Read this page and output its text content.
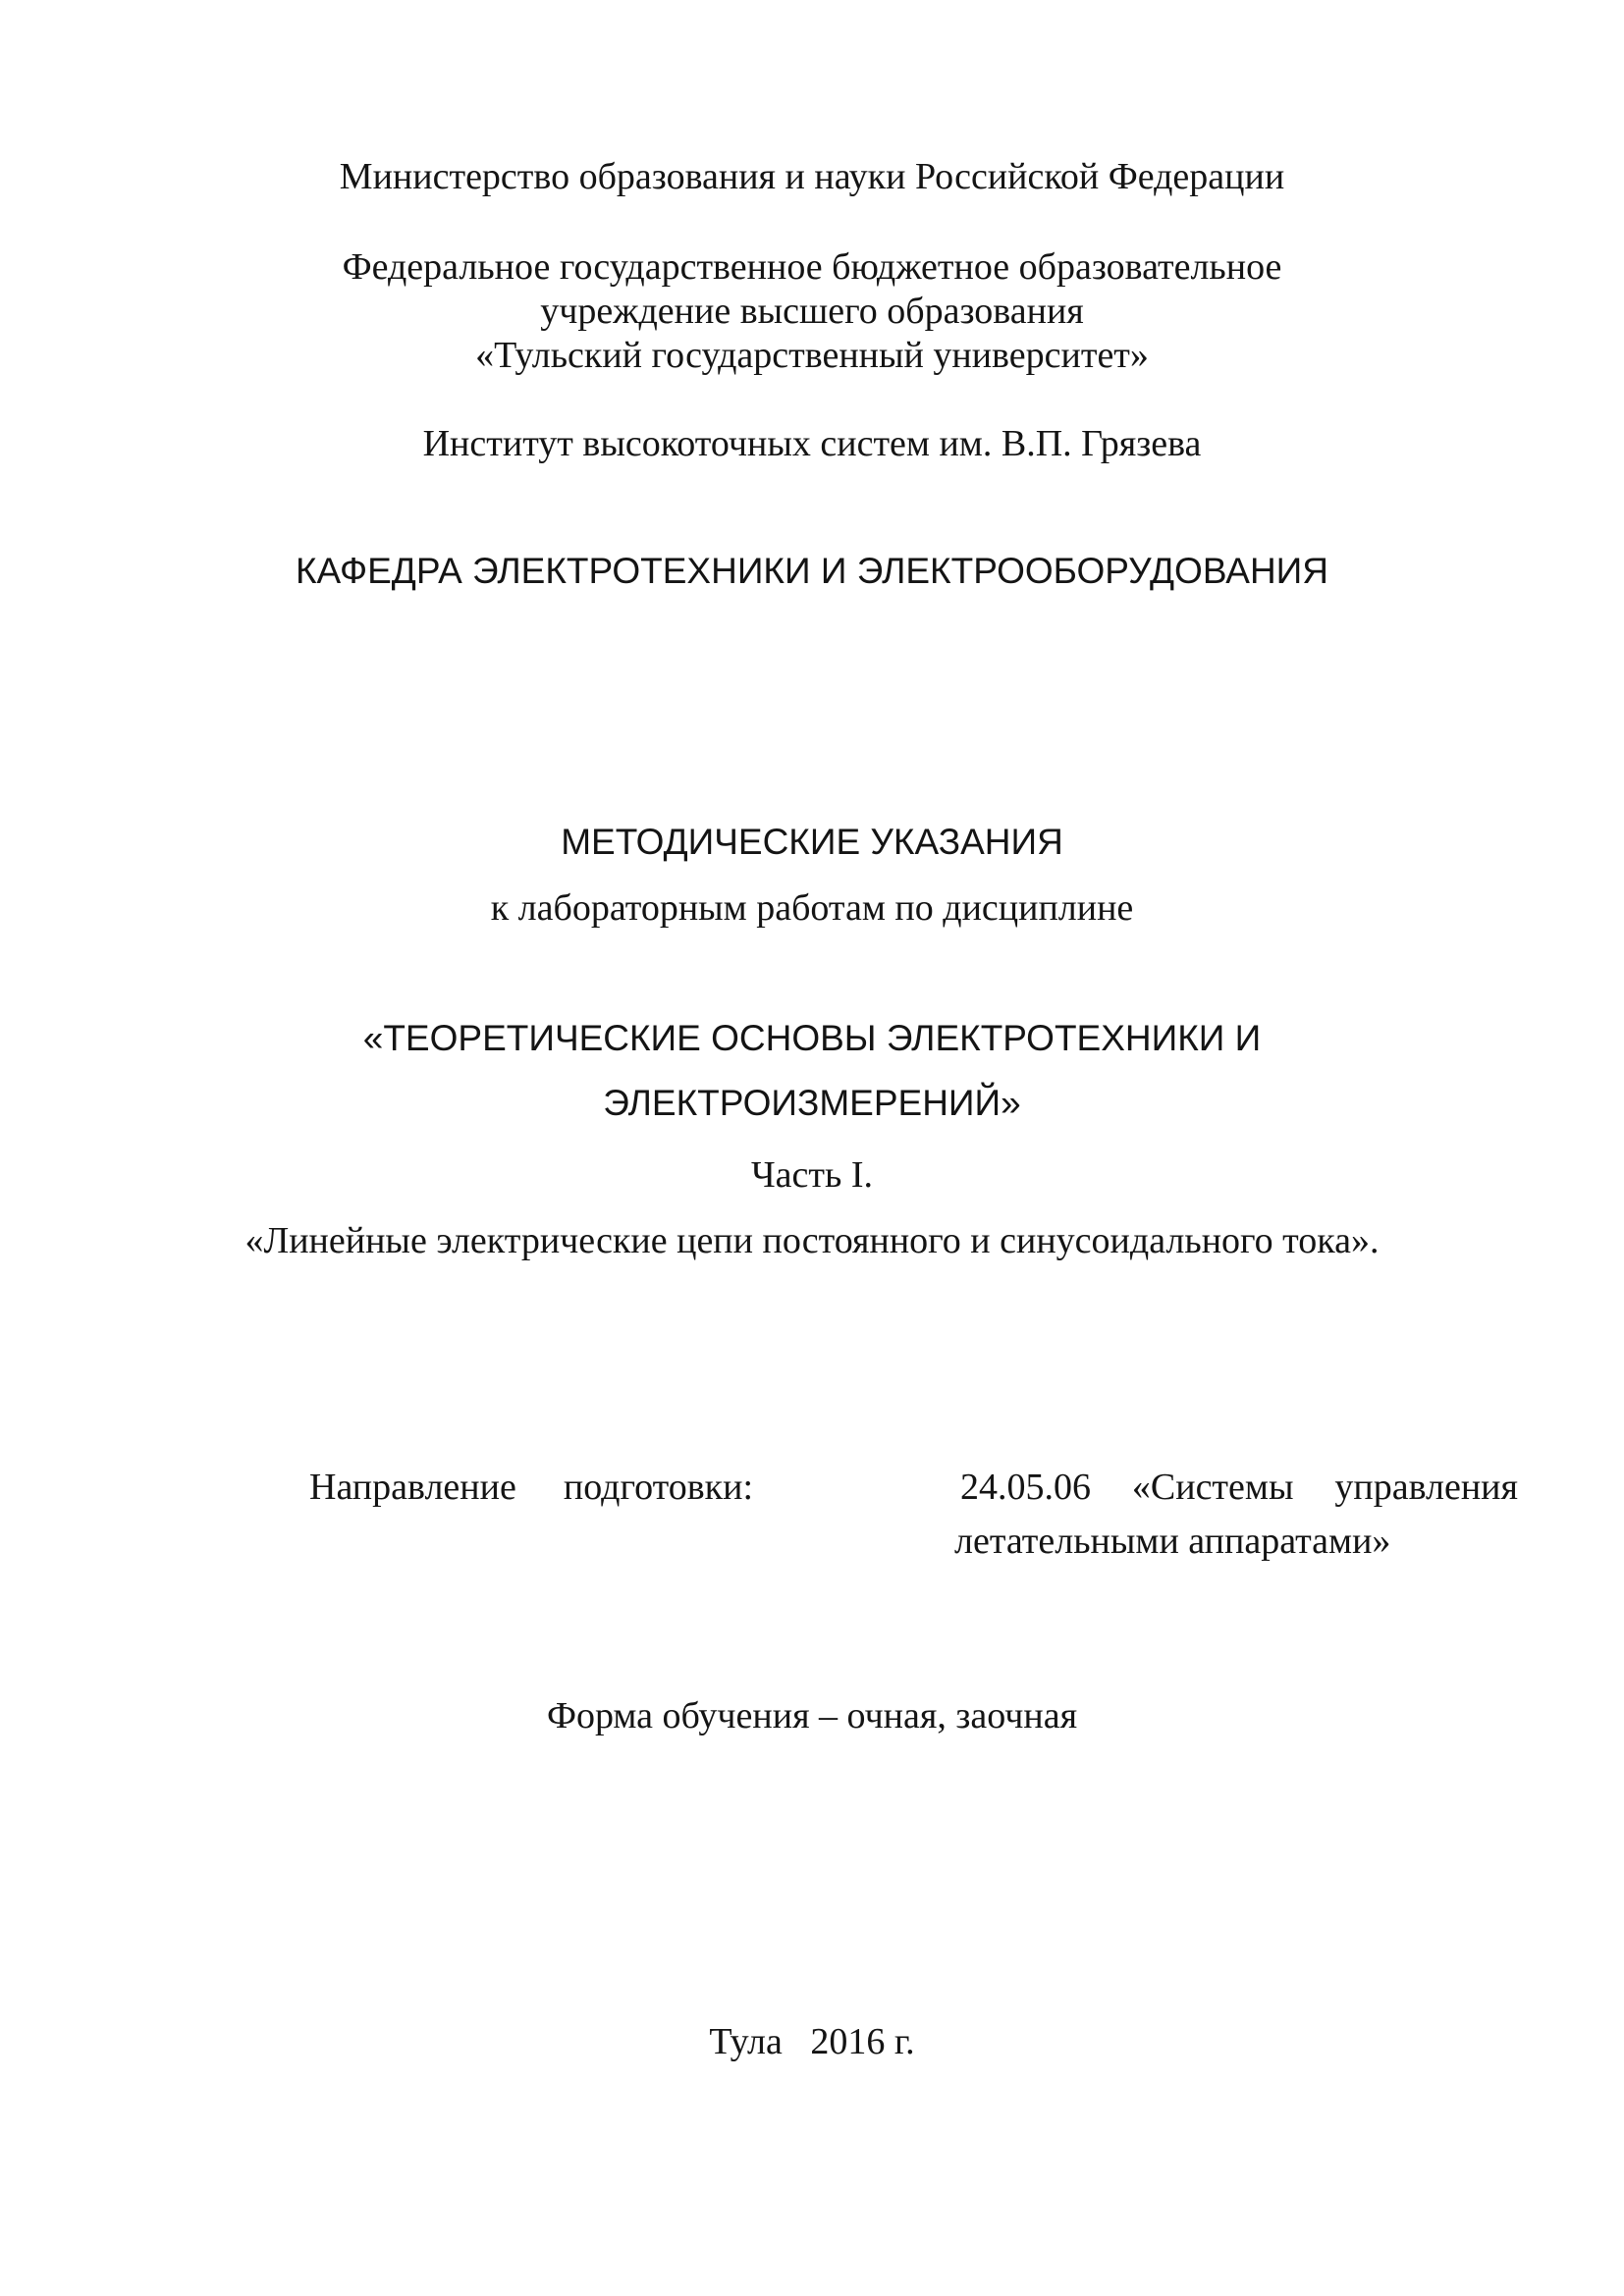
Министерство образования и науки Российской Федерации
Федеральное государственное бюджетное образовательное
учреждение высшего образования
«Тульский государственный университет»
Институт высокоточных систем им. В.П. Грязева
КАФЕДРА ЭЛЕКТРОТЕХНИКИ И ЭЛЕКТРООБОРУДОВАНИЯ
МЕТОДИЧЕСКИЕ УКАЗАНИЯ
к лабораторным работам по дисциплине
«ТЕОРЕТИЧЕСКИЕ ОСНОВЫ ЭЛЕКТРОТЕХНИКИ И
ЭЛЕКТРОИЗМЕРЕНИЙ»
Часть I.
«Линейные электрические цепи постоянного и синусоидального тока».
Направление подготовки:	24.05.06 «Системы управления
летательными аппаратами»
Форма обучения – очная, заочная
Тула   2016 г.
